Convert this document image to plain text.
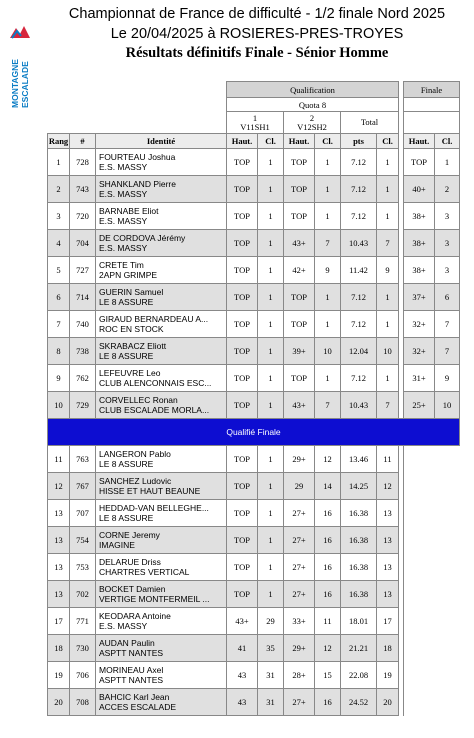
MONTAGNE ESCALADE
Championnat de France de difficulté - 1/2 finale Nord 2025
Le 20/04/2025 à ROSIERES-PRES-TROYES
Résultats définitifs Finale - Sénior Homme
			Qualification							Finale	
			Quota 8								
			1
V11SH1		2
V12SH2		Total				
Rang	#	Identité	Haut.	Cl.	Haut.	Cl.	pts	Cl.		Haut.	Cl.
1	728	FOURTEAU Joshua
E.S. MASSY	TOP	1	TOP	1	7.12	1		TOP	1
2	743	SHANKLAND Pierre
E.S. MASSY	TOP	1	TOP	1	7.12	1		40+	2
3	720	BARNABE Eliot
E.S. MASSY	TOP	1	TOP	1	7.12	1		38+	3
4	704	DE CORDOVA Jérémy
E.S. MASSY	TOP	1	43+	7	10.43	7		38+	3
5	727	CRETE Tim
2APN GRIMPE	TOP	1	42+	9	11.42	9		38+	3
6	714	GUERIN Samuel
LE 8 ASSURE	TOP	1	TOP	1	7.12	1		37+	6
7	740	GIRAUD BERNARDEAU A...
ROC EN STOCK	TOP	1	TOP	1	7.12	1		32+	7
8	738	SKRABACZ Eliott
LE 8 ASSURE	TOP	1	39+	10	12.04	10		32+	7
9	762	LEFEUVRE Leo
CLUB ALENCONNAIS ESC...	TOP	1	TOP	1	7.12	1		31+	9
10	729	CORVELLEC Ronan
CLUB ESCALADE MORLA...	TOP	1	43+	7	10.43	7		25+	10
Qualifié Finale											
11	763	LANGERON Pablo
LE 8 ASSURE	TOP	1	29+	12	13.46	11			
12	767	SANCHEZ Ludovic
HISSE ET HAUT BEAUNE	TOP	1	29	14	14.25	12			
13	707	HEDDAD-VAN BELLEGHE...
LE 8 ASSURE	TOP	1	27+	16	16.38	13			
13	754	CORNE Jeremy
IMAGINE	TOP	1	27+	16	16.38	13			
13	753	DELARUE Driss
CHARTRES VERTICAL	TOP	1	27+	16	16.38	13			
13	702	BOCKET Damien
VERTIGE MONTFERMEIL ...	TOP	1	27+	16	16.38	13			
17	771	KEODARA Antoine
E.S. MASSY	43+	29	33+	11	18.01	17			
18	730	AUDAN Paulin
ASPTT NANTES	41	35	29+	12	21.21	18			
19	706	MORINEAU Axel
ASPTT NANTES	43	31	28+	15	22.08	19			
20	708	BAHCIC Karl Jean
ACCES ESCALADE	43	31	27+	16	24.52	20			
